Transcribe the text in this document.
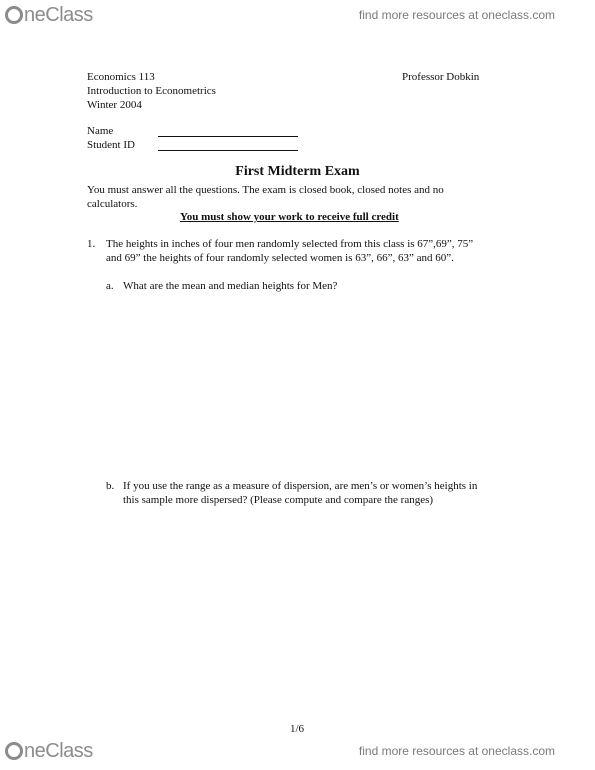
neClass	find more resources at oneclass.com
Economics 113
Introduction to Econometrics
Winter 2004
Professor Dobkin
Name
Student ID
First Midterm Exam
You must answer all the questions. The exam is closed book, closed notes and no
calculators.
You must show your work to receive full credit
1. The heights in inches of four men randomly selected from this class is 67”,69”, 75”
and 69” the heights of four randomly selected women is 63”, 66”, 63” and 60”.
a. What are the mean and median heights for Men?
b. If you use the range as a measure of dispersion, are men’s or women’s heights in
this sample more dispersed? (Please compute and compare the ranges)
1/6
neClass	find more resources at oneclass.com
